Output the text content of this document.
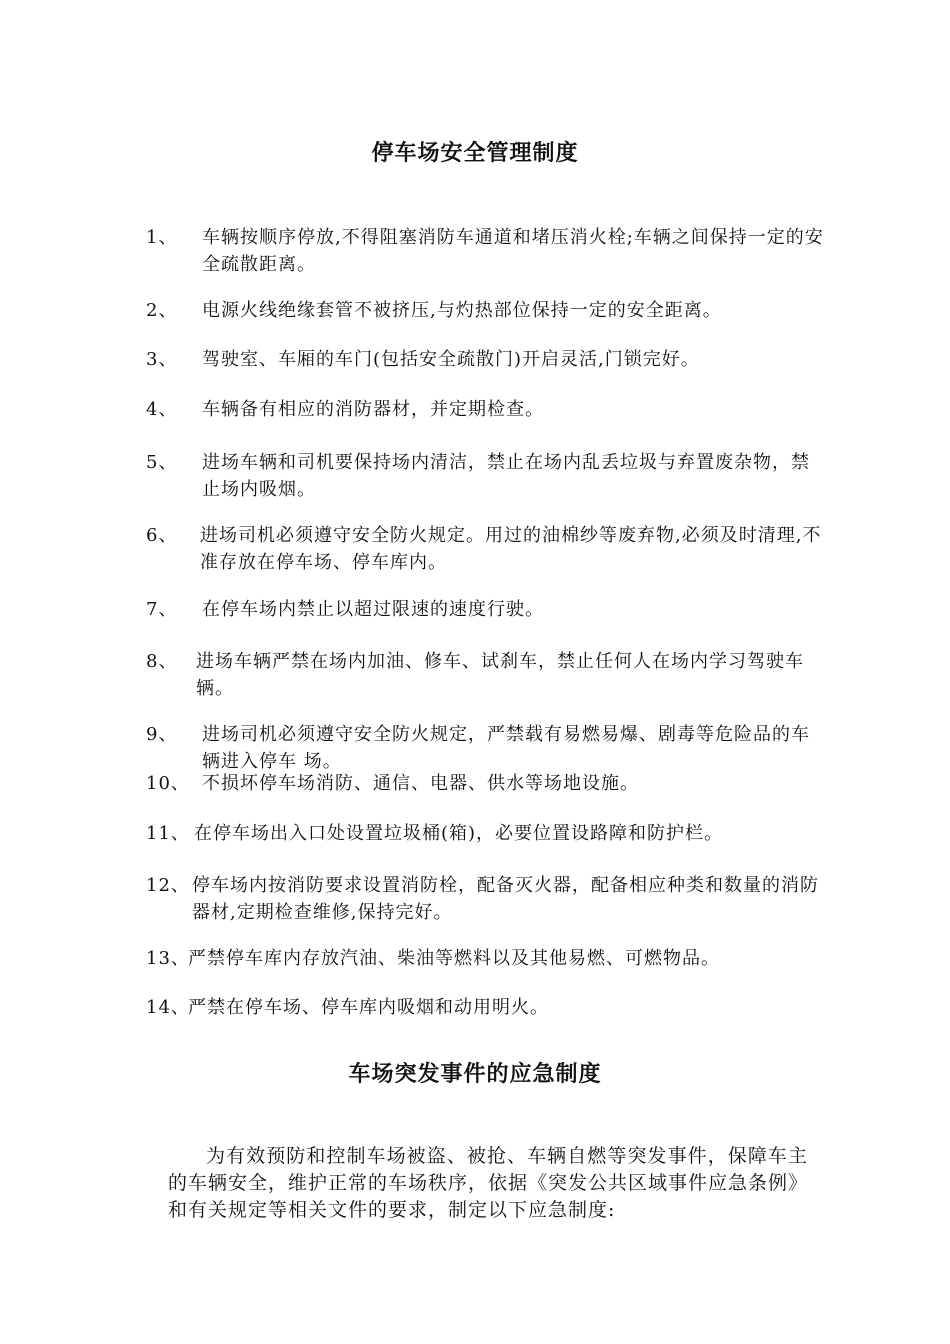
停车场安全管理制度
1、 车辆按顺序停放,不得阻塞消防车通道和堵压消火栓;车辆之间保持一定的安全疏散距离。
2、 电源火线绝缘套管不被挤压,与灼热部位保持一定的安全距离。
3、 驾驶室、车厢的车门(包括安全疏散门)开启灵活,门锁完好。
4、 车辆备有相应的消防器材，并定期检查。
5、 进场车辆和司机要保持场内清洁，禁止在场内乱丢垃圾与弃置废杂物，禁止场内吸烟。
6、 进场司机必须遵守安全防火规定。用过的油棉纱等废弃物,必须及时清理,不准存放在停车场、停车库内。
7、 在停车场内禁止以超过限速的速度行驶。
8、 进场车辆严禁在场内加油、修车、试刹车，禁止任何人在场内学习驾驶车辆。
9、 进场司机必须遵守安全防火规定，严禁载有易燃易爆、剧毒等危险品的车辆进入停车 场。
10、 不损坏停车场消防、通信、电器、供水等场地设施。
11、 在停车场出入口处设置垃圾桶(箱)，必要位置设路障和防护栏。
12、 停车场内按消防要求设置消防栓，配备灭火器，配备相应种类和数量的消防器材,定期检查维修,保持完好。
13、
严禁停车库内存放汽油、柴油等燃料以及其他易燃、可燃物品。
14、
严禁在停车场、停车库内吸烟和动用明火。
车场突发事件的应急制度
为有效预防和控制车场被盗、被抢、车辆自燃等突发事件，保障车主的车辆安全，维护正常的车场秩序，依据《突发公共区域事件应急条例》和有关规定等相关文件的要求，制定以下应急制度:
